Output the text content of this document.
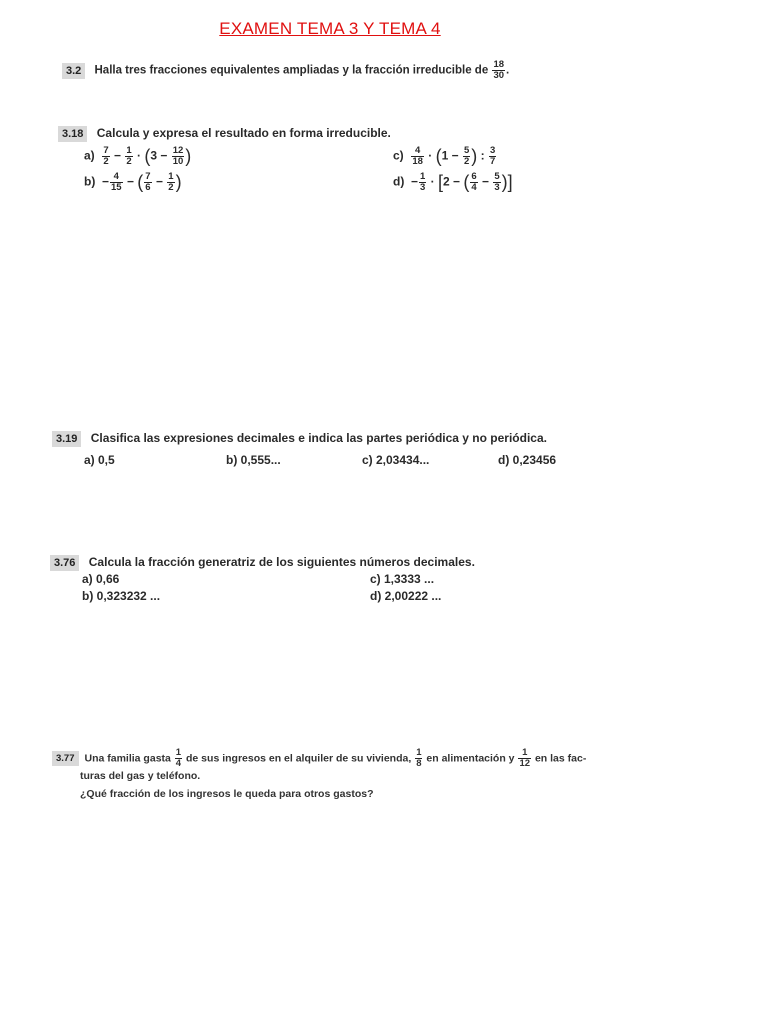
EXAMEN TEMA 3 Y TEMA 4
3.2 Halla tres fracciones equivalentes ampliadas y la fracción irreducible de $\frac{18}{30}$ .
3.18 Calcula y expresa el resultado en forma irreducible.
$a) \frac{7}{2} - \frac{1}{2} \cdot (3 - \frac{12}{10}$ )
$b) - \frac{4}{15}$ − ( $\frac{7}{6} - \frac{1}{2}$ )
$c) \frac{4}{18} \cdot (1 - \frac{5}{2}$ ) : $\frac{3}{7}$
$d) - \frac{1}{3} \cdot [2$ − ( $\frac{6}{4} - \frac{5}{3}$ )]
3.19 Clasifica las expresiones decimales e indica las partes periódica y no periódica.
a) 0,5	b) 0,555...	c) 2,03434...	d) 0,23456
3.76 Calcula la fracción generatriz de los siguientes números decimales.
a) 0,66
b) 0,323232 ...
c) 1,3333 ...
d) 2,00222 ...
3.77 Una familia gasta $\frac{1}{4}$ de sus ingresos en el alquiler de su vivienda, $\frac{1}{8}$ en alimentación y $\frac{1}{12}$ en las fac-
turas del gas y teléfono.
¿Qué fracción de los ingresos le queda para otros gastos?
